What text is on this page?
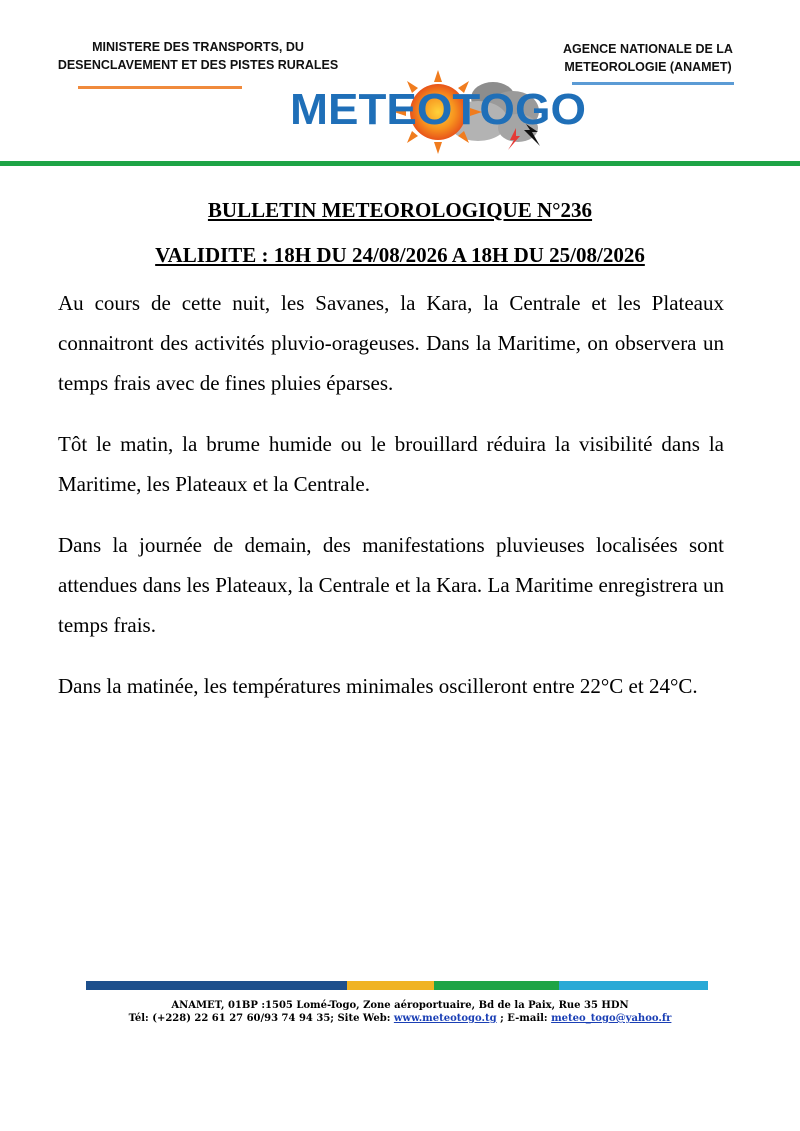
MINISTERE DES TRANSPORTS, DU
DESENCLAVEMENT ET DES PISTES RURALES
AGENCE NATIONALE DE LA
METEOROLOGIE (ANAMET)
METEOTOGO
BULLETIN METEOROLOGIQUE N°236
VALIDITE : 18H DU 24/08/2026 A 18H DU 25/08/2026
Au cours de cette nuit, les Savanes, la Kara, la Centrale et les Plateaux connaitront des activités pluvio-orageuses. Dans la Maritime, on observera un temps frais avec de fines pluies éparses.
Tôt le matin, la brume humide ou le brouillard réduira la visibilité dans la Maritime, les Plateaux et la Centrale.
Dans la journée de demain, des manifestations pluvieuses localisées sont attendues dans les Plateaux, la Centrale et la Kara. La Maritime enregistrera un temps frais.
Dans la matinée, les températures minimales oscilleront entre 22°C et 24°C.
ANAMET, 01BP :1505 Lomé-Togo, Zone aéroportuaire, Bd de la Paix, Rue 35 HDN
Tél: (+228) 22 61 27 60/93 74 94 35; Site Web: www.meteotogo.tg ; E-mail: meteo_togo@yahoo.fr
